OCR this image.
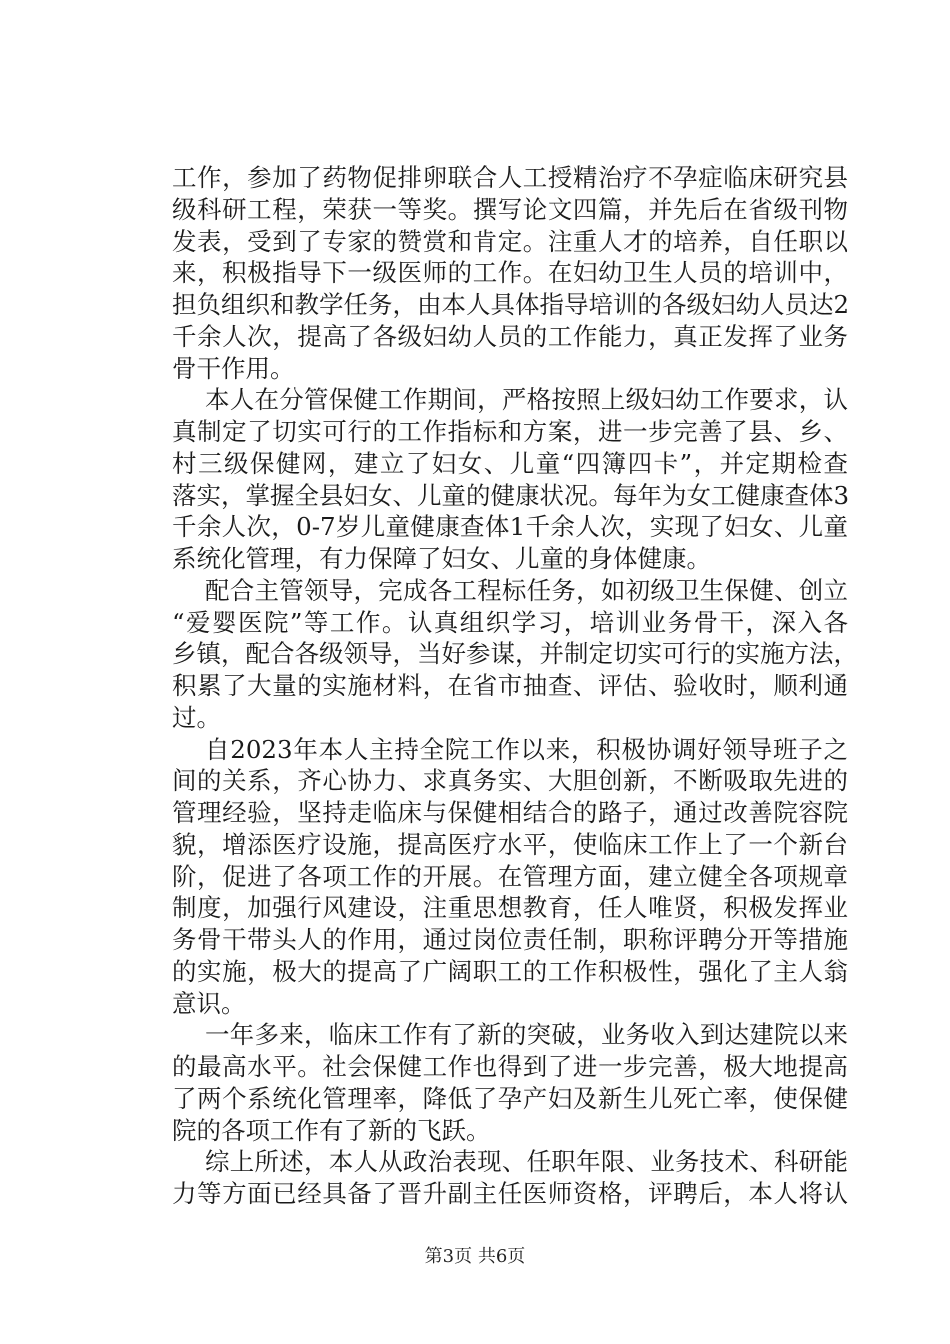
工作，参加了药物促排卵联合人工授精治疗不孕症临床研究县
级科研工程，荣获一等奖。撰写论文四篇，并先后在省级刊物
发表，受到了专家的赞赏和肯定。注重人才的培养，自任职以
来，积极指导下一级医师的工作。在妇幼卫生人员的培训中，
担负组织和教学任务，由本人具体指导培训的各级妇幼人员达2
千余人次，提高了各级妇幼人员的工作能力，真正发挥了业务
骨干作用。
本人在分管保健工作期间，严格按照上级妇幼工作要求，认
真制定了切实可行的工作指标和方案，进一步完善了县、乡、
村三级保健网，建立了妇女、儿童“四簿四卡”，并定期检查
落实，掌握全县妇女、儿童的健康状况。每年为女工健康查体3
千余人次，0-7岁儿童健康查体1千余人次，实现了妇女、儿童
系统化管理，有力保障了妇女、儿童的身体健康。
配合主管领导，完成各工程标任务，如初级卫生保健、创立
“爱婴医院”等工作。认真组织学习，培训业务骨干，深入各
乡镇，配合各级领导，当好参谋，并制定切实可行的实施方法，
积累了大量的实施材料，在省市抽查、评估、验收时，顺利通
过。
自2023年本人主持全院工作以来，积极协调好领导班子之
间的关系，齐心协力、求真务实、大胆创新，不断吸取先进的
管理经验，坚持走临床与保健相结合的路子，通过改善院容院
貌，增添医疗设施，提高医疗水平，使临床工作上了一个新台
阶，促进了各项工作的开展。在管理方面，建立健全各项规章
制度，加强行风建设，注重思想教育，任人唯贤，积极发挥业
务骨干带头人的作用，通过岗位责任制，职称评聘分开等措施
的实施，极大的提高了广阔职工的工作积极性，强化了主人翁
意识。
一年多来，临床工作有了新的突破，业务收入到达建院以来
的最高水平。社会保健工作也得到了进一步完善，极大地提高
了两个系统化管理率，降低了孕产妇及新生儿死亡率，使保健
院的各项工作有了新的飞跃。
综上所述，本人从政治表现、任职年限、业务技术、科研能
力等方面已经具备了晋升副主任医师资格，评聘后，本人将认
第3页 共6页
